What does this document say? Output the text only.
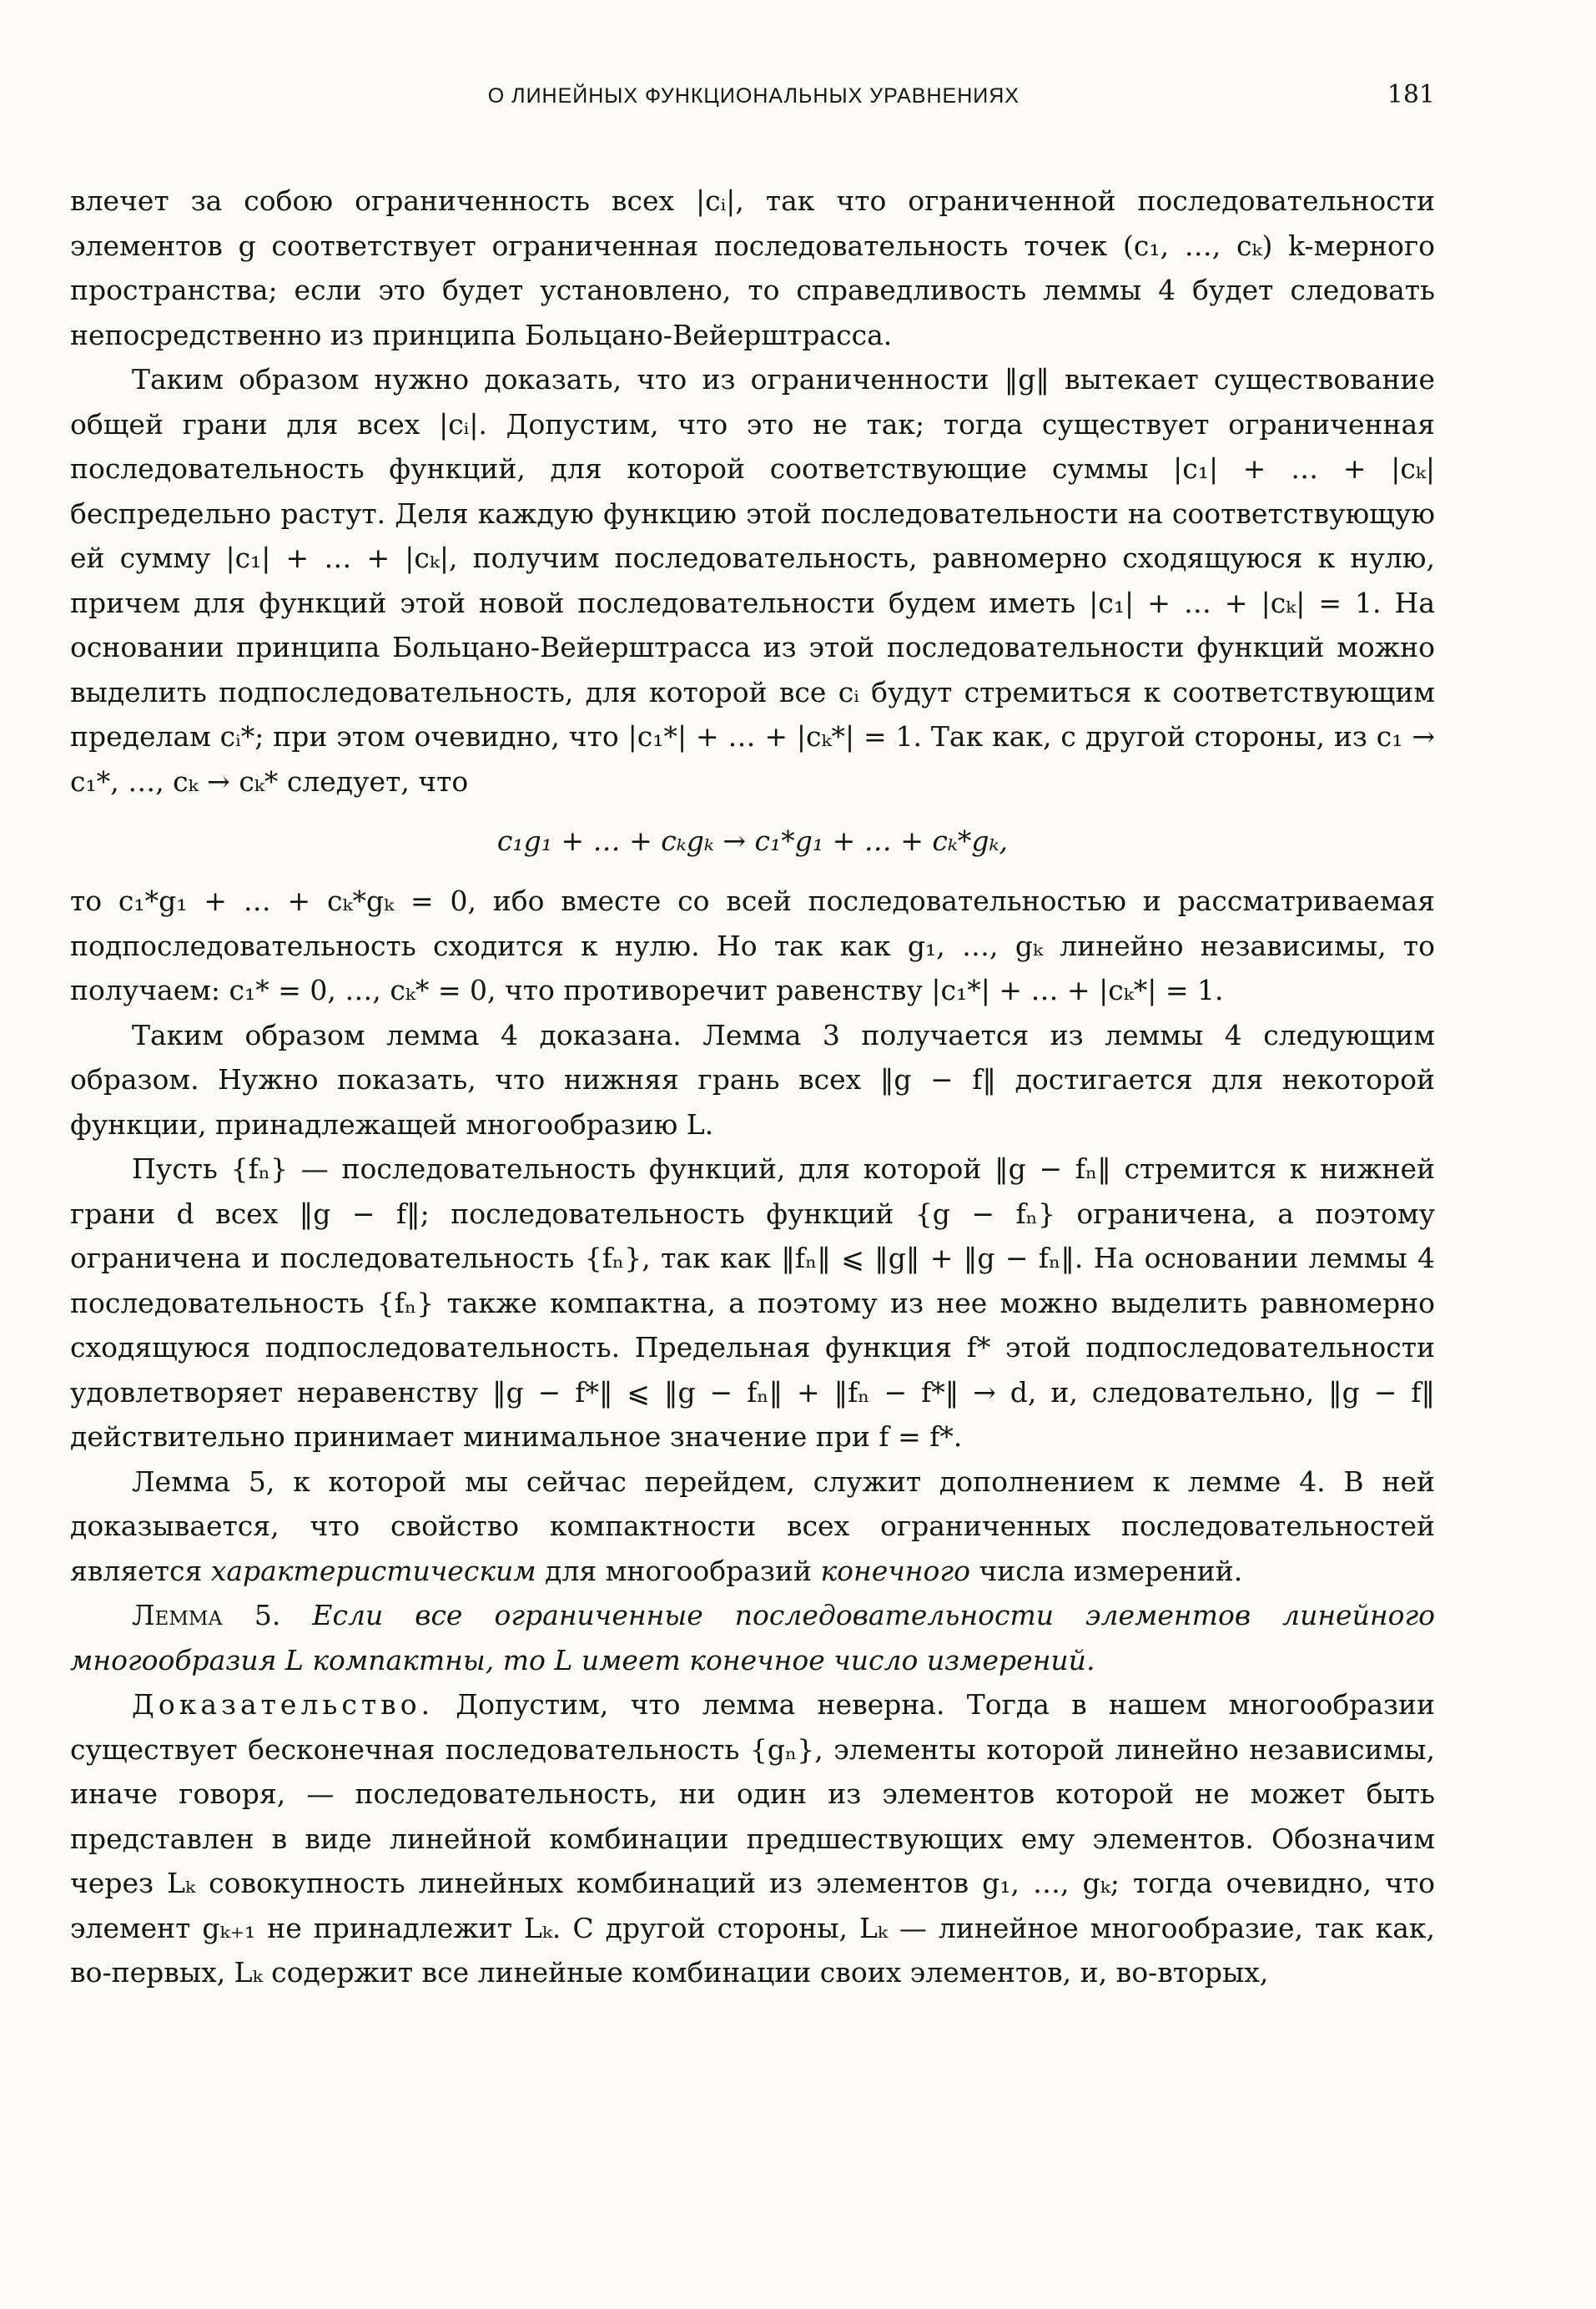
О ЛИНЕЙНЫХ ФУНКЦИОНАЛЬНЫХ УРАВНЕНИЯХ	181

влечет за собою ограниченность всех |cᵢ|, так что ограниченной последовательности элементов g соответствует ограниченная последовательность точек (c₁, …, cₖ) k-мерного пространства; если это будет установлено, то справедливость леммы 4 будет следовать непосредственно из принципа Больцано-Вейерштрасса.

Таким образом нужно доказать, что из ограниченности ‖g‖ вытекает существование общей грани для всех |cᵢ|. Допустим, что это не так; тогда существует ограниченная последовательность функций, для которой соответствующие суммы |c₁| + … + |cₖ| беспредельно растут. Деля каждую функцию этой последовательности на соответствующую ей сумму |c₁| + … + |cₖ|, получим последовательность, равномерно сходящуюся к нулю, причем для функций этой новой последовательности будем иметь |c₁| + … + |cₖ| = 1. На основании принципа Больцано-Вейерштрасса из этой последовательности функций можно выделить подпоследовательность, для которой все cᵢ будут стремиться к соответствующим пределам cᵢ*; при этом очевидно, что |c₁*| + … + |cₖ*| = 1. Так как, с другой стороны, из c₁ → c₁*, …, cₖ → cₖ* следует, что

c₁g₁ + … + cₖgₖ → c₁*g₁ + … + cₖ*gₖ,

то c₁*g₁ + … + cₖ*gₖ = 0, ибо вместе со всей последовательностью и рассматриваемая подпоследовательность сходится к нулю. Но так как g₁, …, gₖ линейно независимы, то получаем: c₁* = 0, …, cₖ* = 0, что противоречит равенству |c₁*| + … + |cₖ*| = 1.

Таким образом лемма 4 доказана. Лемма 3 получается из леммы 4 следующим образом. Нужно показать, что нижняя грань всех ‖g − f‖ достигается для некоторой функции, принадлежащей многообразию L.

Пусть {fₙ} — последовательность функций, для которой ‖g − fₙ‖ стремится к нижней грани d всех ‖g − f‖; последовательность функций {g − fₙ} ограничена, а поэтому ограничена и последовательность {fₙ}, так как ‖fₙ‖ ⩽ ‖g‖ + ‖g − fₙ‖. На основании леммы 4 последовательность {fₙ} также компактна, а поэтому из нее можно выделить равномерно сходящуюся подпоследовательность. Предельная функция f* этой подпоследовательности удовлетворяет неравенству ‖g − f*‖ ⩽ ‖g − fₙ‖ + ‖fₙ − f*‖ → d, и, следовательно, ‖g − f‖ действительно принимает минимальное значение при f = f*.

Лемма 5, к которой мы сейчас перейдем, служит дополнением к лемме 4. В ней доказывается, что свойство компактности всех ограниченных последовательностей является характеристическим для многообразий конечного числа измерений.

Лемма 5. Если все ограниченные последовательности элементов линейного многообразия L компактны, то L имеет конечное число измерений.

Доказательство. Допустим, что лемма неверна. Тогда в нашем многообразии существует бесконечная последовательность {gₙ}, элементы которой линейно независимы, иначе говоря, — последовательность, ни один из элементов которой не может быть представлен в виде линейной комбинации предшествующих ему элементов. Обозначим через Lₖ совокупность линейных комбинаций из элементов g₁, …, gₖ; тогда очевидно, что элемент gₖ₊₁ не принадлежит Lₖ. С другой стороны, Lₖ — линейное многообразие, так как, во-первых, Lₖ содержит все линейные комбинации своих элементов, и, во-вторых,
